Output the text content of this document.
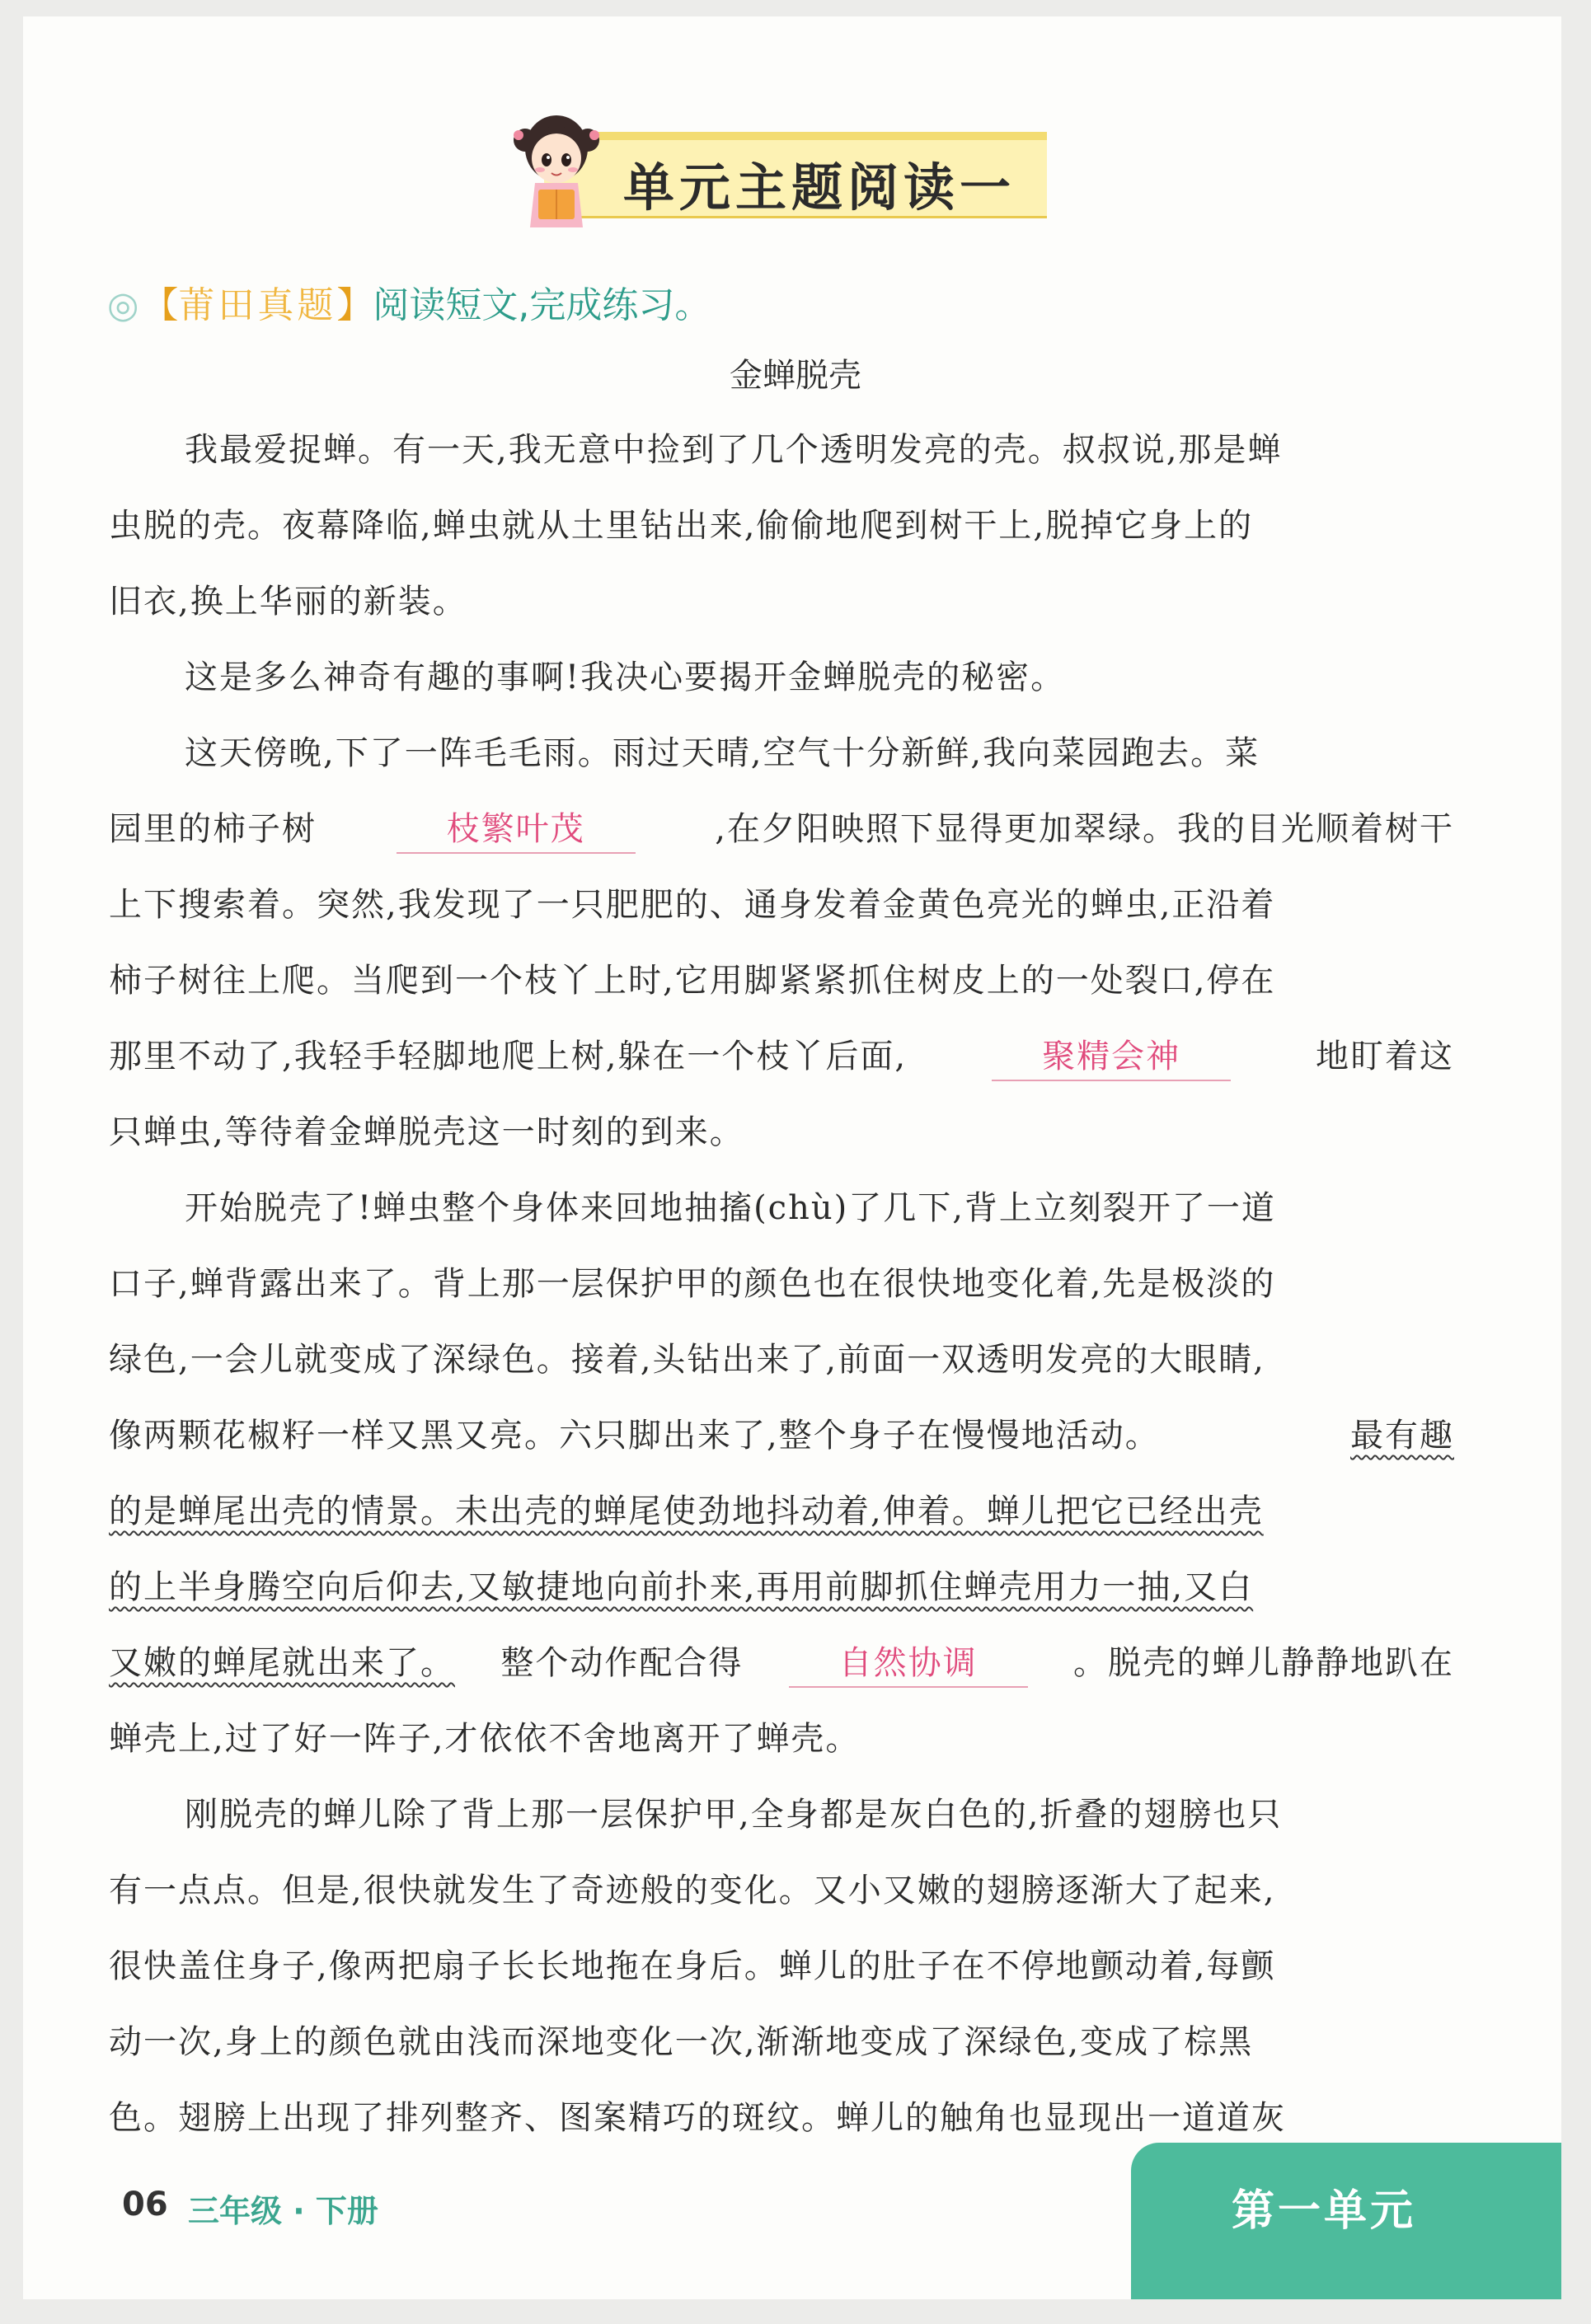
单元主题阅读一
◎【莆田真题】阅读短文,完成练习。
金蝉脱壳
我最爱捉蝉。有一天,我无意中捡到了几个透明发亮的壳。叔叔说,那是蝉
虫脱的壳。夜幕降临,蝉虫就从土里钻出来,偷偷地爬到树干上,脱掉它身上的
旧衣,换上华丽的新装。
这是多么神奇有趣的事啊!我决心要揭开金蝉脱壳的秘密。
这天傍晚,下了一阵毛毛雨。雨过天晴,空气十分新鲜,我向菜园跑去。菜
园里的柿子树	枝繁叶茂	,在夕阳映照下显得更加翠绿。我的目光顺着树干
上下搜索着。突然,我发现了一只肥肥的、通身发着金黄色亮光的蝉虫,正沿着
柿子树往上爬。当爬到一个枝丫上时,它用脚紧紧抓住树皮上的一处裂口,停在
那里不动了,我轻手轻脚地爬上树,躲在一个枝丫后面,	聚精会神	地盯着这
只蝉虫,等待着金蝉脱壳这一时刻的到来。
开始脱壳了!蝉虫整个身体来回地抽搐(chù)了几下,背上立刻裂开了一道
口子,蝉背露出来了。背上那一层保护甲的颜色也在很快地变化着,先是极淡的
绿色,一会儿就变成了深绿色。接着,头钻出来了,前面一双透明发亮的大眼睛,
像两颗花椒籽一样又黑又亮。六只脚出来了,整个身子在慢慢地活动。	最有趣
的是蝉尾出壳的情景。未出壳的蝉尾使劲地抖动着,伸着。蝉儿把它已经出壳
的上半身腾空向后仰去,又敏捷地向前扑来,再用前脚抓住蝉壳用力一抽,又白
又嫩的蝉尾就出来了。 整个动作配合得	自然协调	。脱壳的蝉儿静静地趴在
蝉壳上,过了好一阵子,才依依不舍地离开了蝉壳。
刚脱壳的蝉儿除了背上那一层保护甲,全身都是灰白色的,折叠的翅膀也只
有一点点。但是,很快就发生了奇迹般的变化。又小又嫩的翅膀逐渐大了起来,
很快盖住身子,像两把扇子长长地拖在身后。蝉儿的肚子在不停地颤动着,每颤
动一次,身上的颜色就由浅而深地变化一次,渐渐地变成了深绿色,变成了棕黑
色。翅膀上出现了排列整齐、图案精巧的斑纹。蝉儿的触角也显现出一道道灰
06 三年级 · 下册	第一单元
